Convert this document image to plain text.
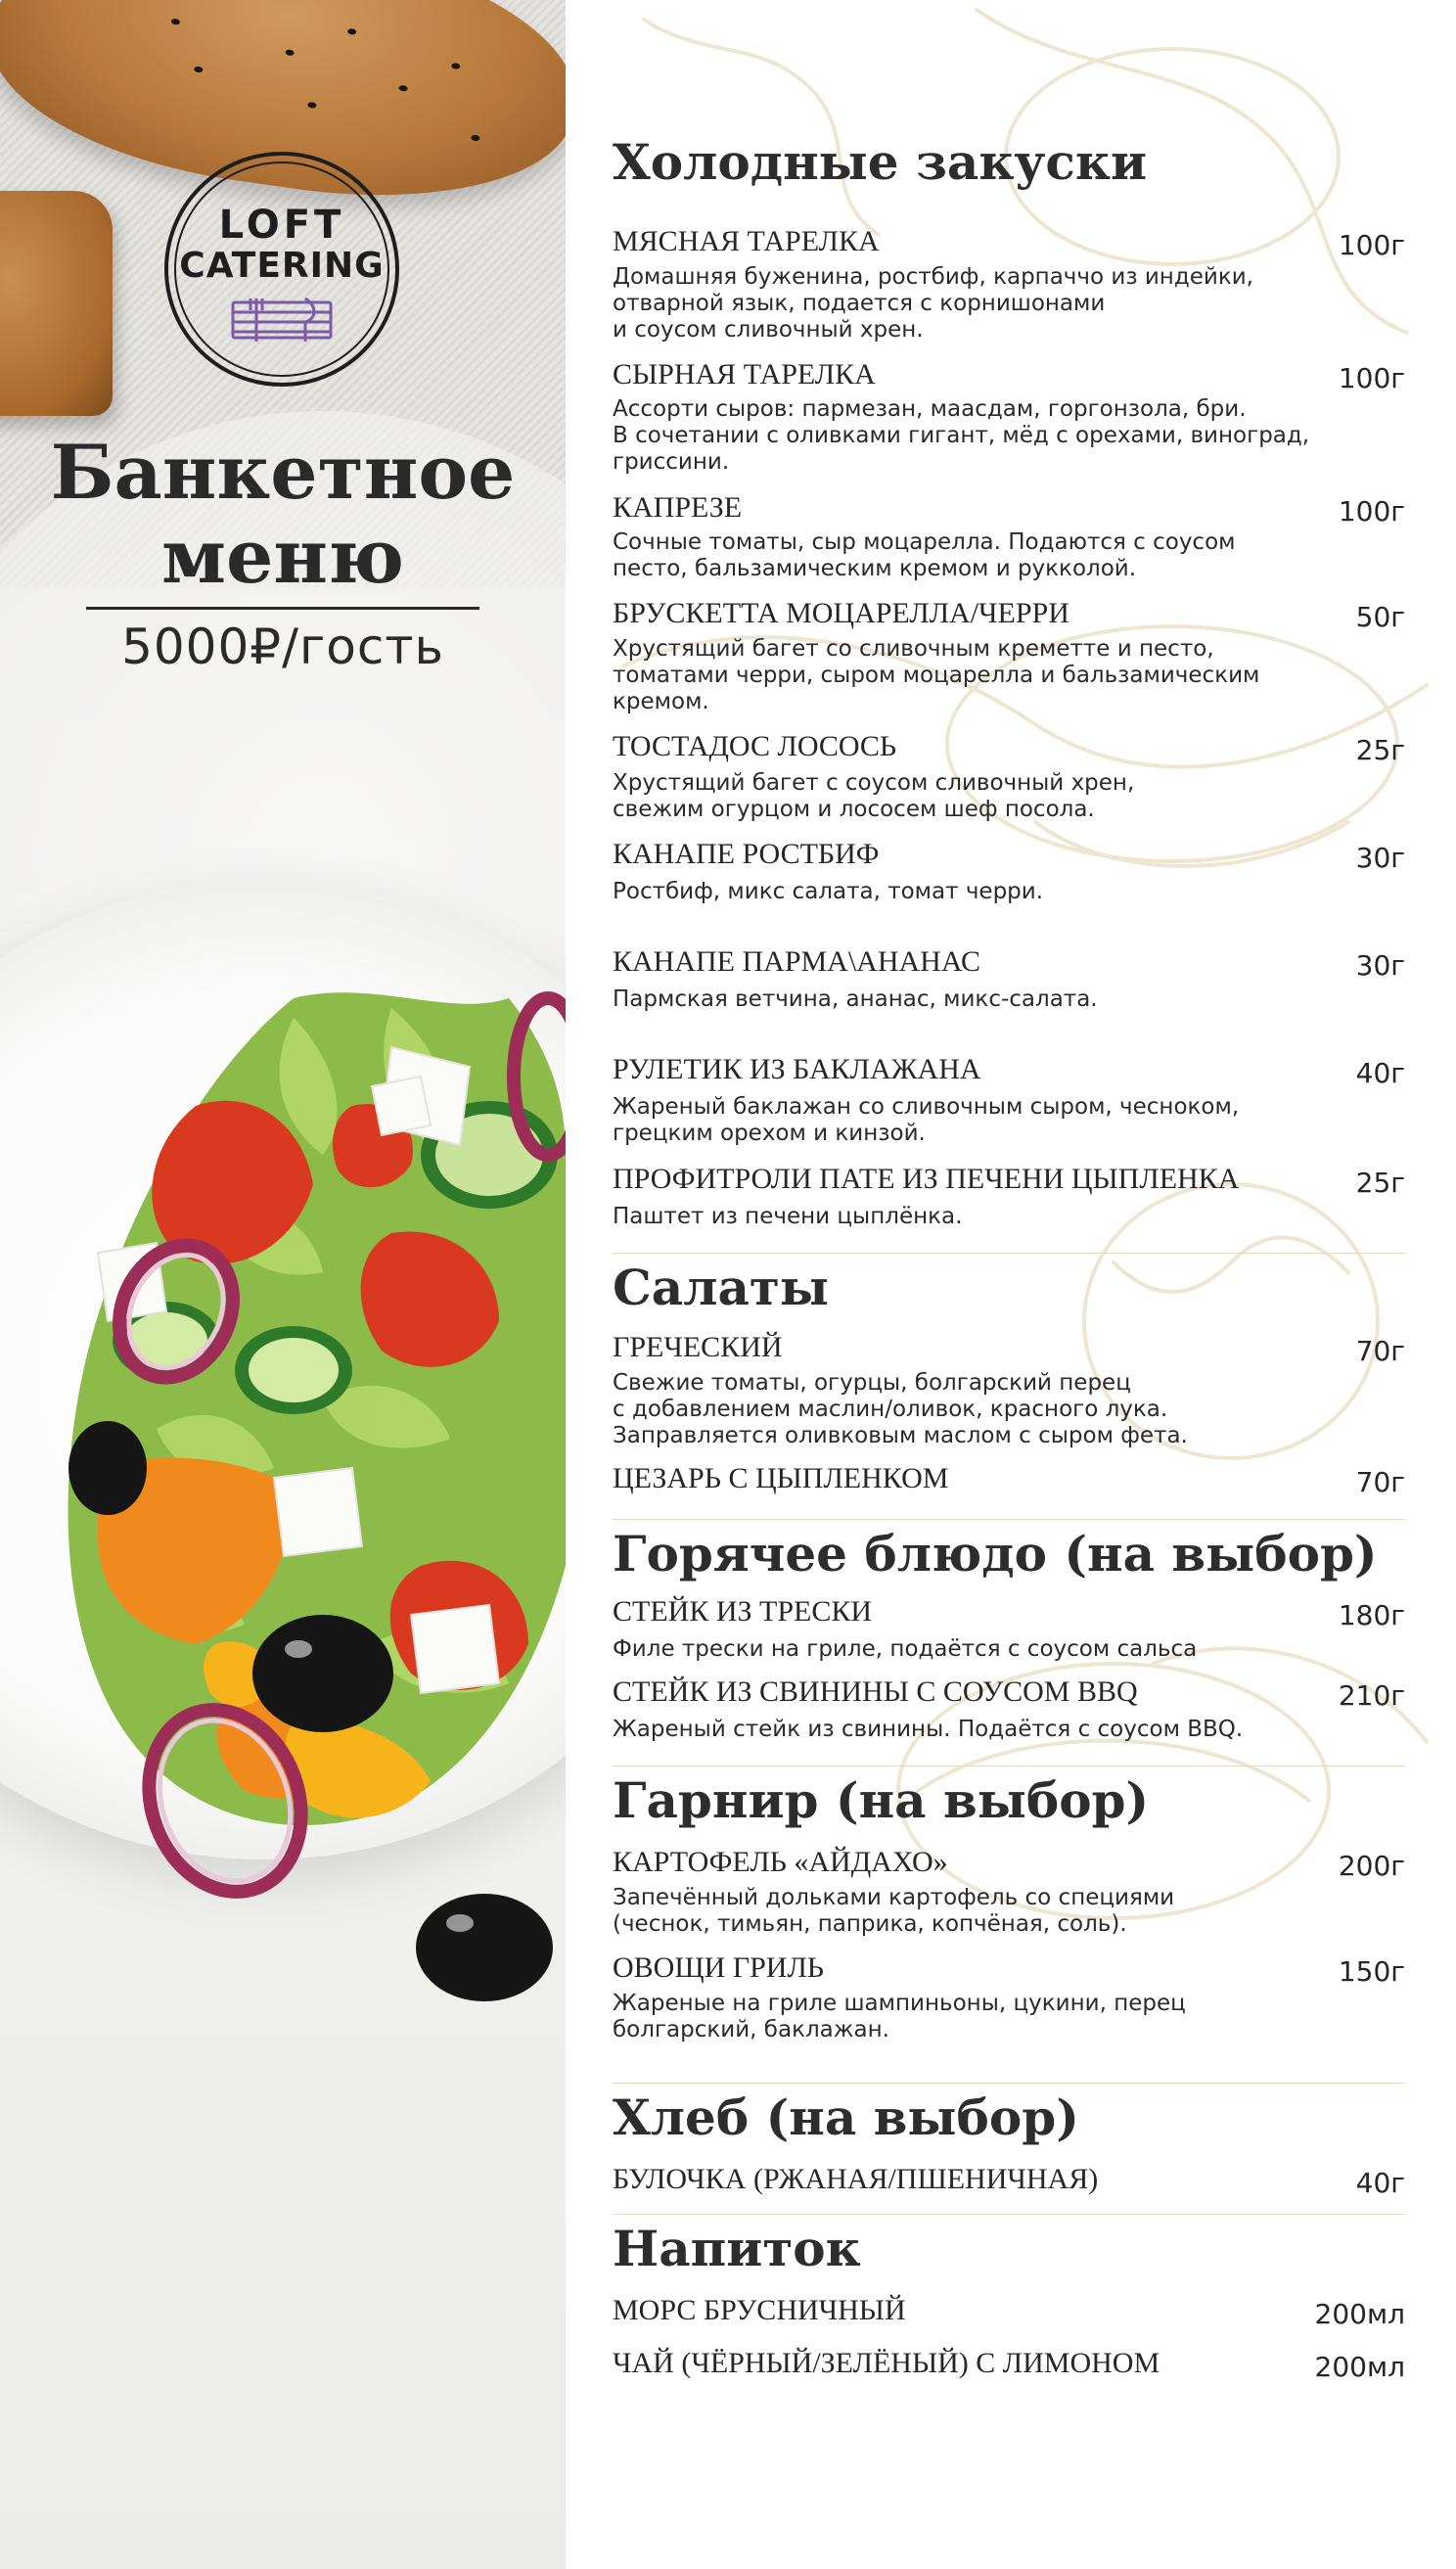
LOFT
CATERING
Банкетное
меню
5000₽/гость
Холодные закуски
МЯСНАЯ ТАРЕЛКА	100г
Домашняя буженина, ростбиф, карпаччо из индейки,
отварной язык, подается с корнишонами
и соусом сливочный хрен.
СЫРНАЯ ТАРЕЛКА	100г
Ассорти сыров: пармезан, маасдам, горгонзола, бри.
В сочетании с оливками гигант, мёд с орехами, виноград,
гриссини.
КАПРЕЗЕ	100г
Сочные томаты, сыр моцарелла. Подаются с соусом
песто, бальзамическим кремом и рукколой.
БРУСКЕТТА МОЦАРЕЛЛА/ЧЕРРИ	50г
Хрустящий багет со сливочным креметте и песто,
томатами черри, сыром моцарелла и бальзамическим
кремом.
ТОСТАДОС ЛОСОСЬ	25г
Хрустящий багет с соусом сливочный хрен,
свежим огурцом и лососем шеф посола.
КАНАПЕ РОСТБИФ	30г
Ростбиф, микс салата, томат черри.
КАНАПЕ ПАРМА\АНАНАС	30г
Пармская ветчина, ананас, микс-салата.
РУЛЕТИК ИЗ БАКЛАЖАНА	40г
Жареный баклажан со сливочным сыром, чесноком,
грецким орехом и кинзой.
ПРОФИТРОЛИ ПАТЕ ИЗ ПЕЧЕНИ ЦЫПЛЕНКА	25г
Паштет из печени цыплёнка.
Салаты
ГРЕЧЕСКИЙ	70г
Свежие томаты, огурцы, болгарский перец
с добавлением маслин/оливок, красного лука.
Заправляется оливковым маслом с сыром фета.
ЦЕЗАРЬ С ЦЫПЛЕНКОМ	70г
Горячее блюдо (на выбор)
СТЕЙК ИЗ ТРЕСКИ	180г
Филе трески на гриле, подаётся с соусом сальса
СТЕЙК ИЗ СВИНИНЫ С СОУСОМ BBQ	210г
Жареный стейк из свинины. Подаётся с соусом BBQ.
Гарнир (на выбор)
КАРТОФЕЛЬ «АЙДАХО»	200г
Запечённый дольками картофель со специями
(чеснок, тимьян, паприка, копчёная, соль).
ОВОЩИ ГРИЛЬ	150г
Жареные на гриле шампиньоны, цукини, перец
болгарский, баклажан.
Хлеб (на выбор)
БУЛОЧКА (РЖАНАЯ/ПШЕНИЧНАЯ)	40г
Напиток
МОРС БРУСНИЧНЫЙ	200мл
ЧАЙ (ЧЁРНЫЙ/ЗЕЛЁНЫЙ) С ЛИМОНОМ	200мл
